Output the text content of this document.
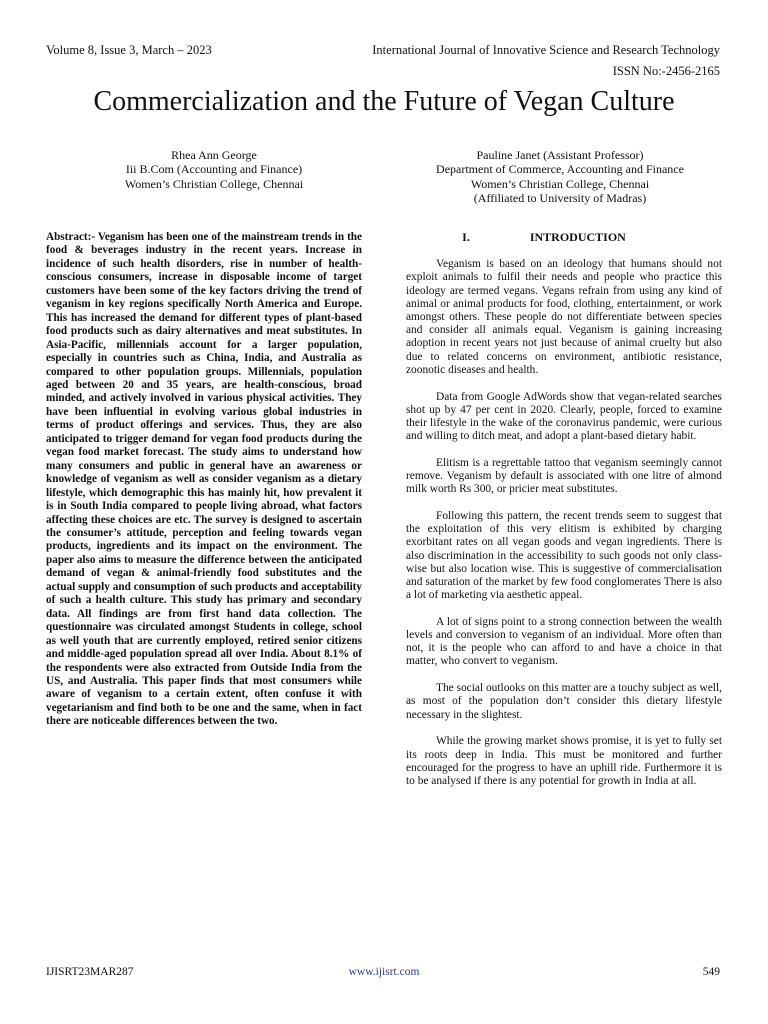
Volume 8, Issue 3, March – 2023	International Journal of Innovative Science and Research Technology
ISSN No:-2456-2165
Commercialization and the Future of Vegan Culture
Rhea Ann George
Iii B.Com (Accounting and Finance)
Women’s Christian College, Chennai
Pauline Janet (Assistant Professor)
Department of Commerce, Accounting and Finance
Women’s Christian College, Chennai
(Affiliated to University of Madras)

Abstract:- Veganism has been one of the mainstream trends in the food & beverages industry in the recent years. Increase in incidence of such health disorders, rise in number of health-conscious consumers, increase in disposable income of target customers have been some of the key factors driving the trend of veganism in key regions specifically North America and Europe. This has increased the demand for different types of plant-based food products such as dairy alternatives and meat substitutes. In Asia-Pacific, millennials account for a larger population, especially in countries such as China, India, and Australia as compared to other population groups. Millennials, population aged between 20 and 35 years, are health-conscious, broad minded, and actively involved in various physical activities. They have been influential in evolving various global industries in terms of product offerings and services. Thus, they are also anticipated to trigger demand for vegan food products during the vegan food market forecast. The study aims to understand how many consumers and public in general have an awareness or knowledge of veganism as well as consider veganism as a dietary lifestyle, which demographic this has mainly hit, how prevalent it is in South India compared to people living abroad, what factors affecting these choices are etc. The survey is designed to ascertain the consumer’s attitude, perception and feeling towards vegan products, ingredients and its impact on the environment. The paper also aims to measure the difference between the anticipated demand of vegan & animal-friendly food substitutes and the actual supply and consumption of such products and acceptability of such a health culture. This study has primary and secondary data. All findings are from first hand data collection. The questionnaire was circulated amongst Students in college, school as well youth that are currently employed, retired senior citizens and middle-aged population spread all over India. About 8.1% of the respondents were also extracted from Outside India from the US, and Australia. This paper finds that most consumers while aware of veganism to a certain extent, often confuse it with vegetarianism and find both to be one and the same, when in fact there are noticeable differences between the two.

I.	INTRODUCTION

Veganism is based on an ideology that humans should not exploit animals to fulfil their needs and people who practice this ideology are termed vegans. Vegans refrain from using any kind of animal or animal products for food, clothing, entertainment, or work amongst others. These people do not differentiate between species and consider all animals equal. Veganism is gaining increasing adoption in recent years not just because of animal cruelty but also due to related concerns on environment, antibiotic resistance, zoonotic diseases and health.

Data from Google AdWords show that vegan-related searches shot up by 47 per cent in 2020. Clearly, people, forced to examine their lifestyle in the wake of the coronavirus pandemic, were curious and willing to ditch meat, and adopt a plant-based dietary habit.

Elitism is a regrettable tattoo that veganism seemingly cannot remove. Veganism by default is associated with one litre of almond milk worth Rs 300, or pricier meat substitutes.

Following this pattern, the recent trends seem to suggest that the exploitation of this very elitism is exhibited by charging exorbitant rates on all vegan goods and vegan ingredients. There is also discrimination in the accessibility to such goods not only class-wise but also location wise. This is suggestive of commercialisation and saturation of the market by few food conglomerates There is also a lot of marketing via aesthetic appeal.

A lot of signs point to a strong connection between the wealth levels and conversion to veganism of an individual. More often than not, it is the people who can afford to and have a choice in that matter, who convert to veganism.

The social outlooks on this matter are a touchy subject as well, as most of the population don’t consider this dietary lifestyle necessary in the slightest.

While the growing market shows promise, it is yet to fully set its roots deep in India. This must be monitored and further encouraged for the progress to have an uphill ride. Furthermore it is to be analysed if there is any potential for growth in India at all.

IJISRT23MAR287	www.ijisrt.com	549
